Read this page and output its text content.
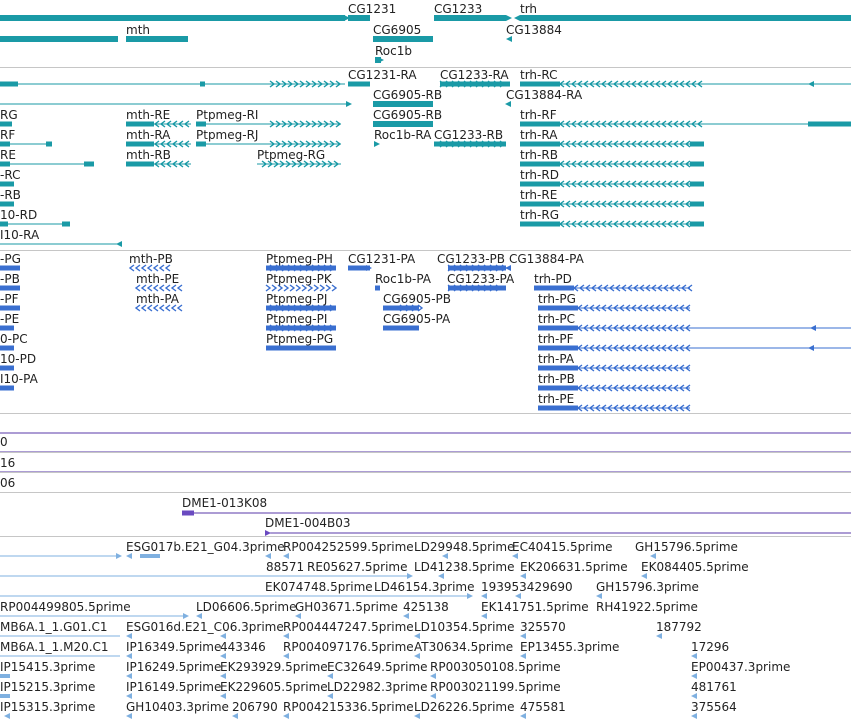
CG1231	CG1233	trh
mth	CG6905	CG13884
Roc1b
CG1231-RA CG1233-RA trh-RC
CG6905-RB	CG13884-RA
RG	mth-RE Ptpmeg-RI	CG6905-RB	trh-RF
RF	mth-RA Ptpmeg-RJ	Roc1b-RA CG1233-RB trh-RA
RE	mth-RB	Ptpmeg-RG	trh-RB
-RC	trh-RD
-RB	trh-RE
10-RD	trh-RG
I10-RA
-PG	mth-PB	Ptpmeg-PH CG1231-PA CG1233-PB CG13884-PA
-PB	mth-PE	Ptpmeg-PK	Roc1b-PA CG1233-PA trh-PD
-PF	mth-PA	Ptpmeg-PJ	CG6905-PB	trh-PG
-PE	Ptpmeg-PI	CG6905-PA	trh-PC
0-PC	Ptpmeg-PG	trh-PF
10-PD	trh-PA
I10-PA	trh-PB
trh-PE
0
16
06
DME1-013K08
DME1-004B03
ESG017b.E21_G04.3prime
RP004252599.5prime LD29948.5prime
EC40415.5prime GH15796.5prime
88571 RE05627.5prime LD41238.5prime EK206631.5prime EK084405.5prime
EK074748.5prime LD46154.3prime 193953429690 GH15796.3prime
RP004499805.5prime	LD06606.5prime
GH03671.5prime 425138	EK141751.5prime RH41922.5prime
MB6A.1_1.G01.C1 ESG016d.E21_C06.3prime RP004447247.5prime LD10354.5prime 325570	187792
MB6A.1_1.M20.C1 IP16349.5prime
443346 RP004097176.5prime AT30634.5prime EP13455.3prime	17296
IP15415.3prime	IP16249.5prime
EK293929.5prime EC32649.5prime RP003050108.5prime	EP00437.3prime
IP15215.3prime	IP16149.5prime
EK229605.5prime LD22982.3prime RP003021199.5prime	481761
IP15315.3prime	GH10403.3prime 206790 RP004215336.5prime LD26226.5prime 475581	375564
